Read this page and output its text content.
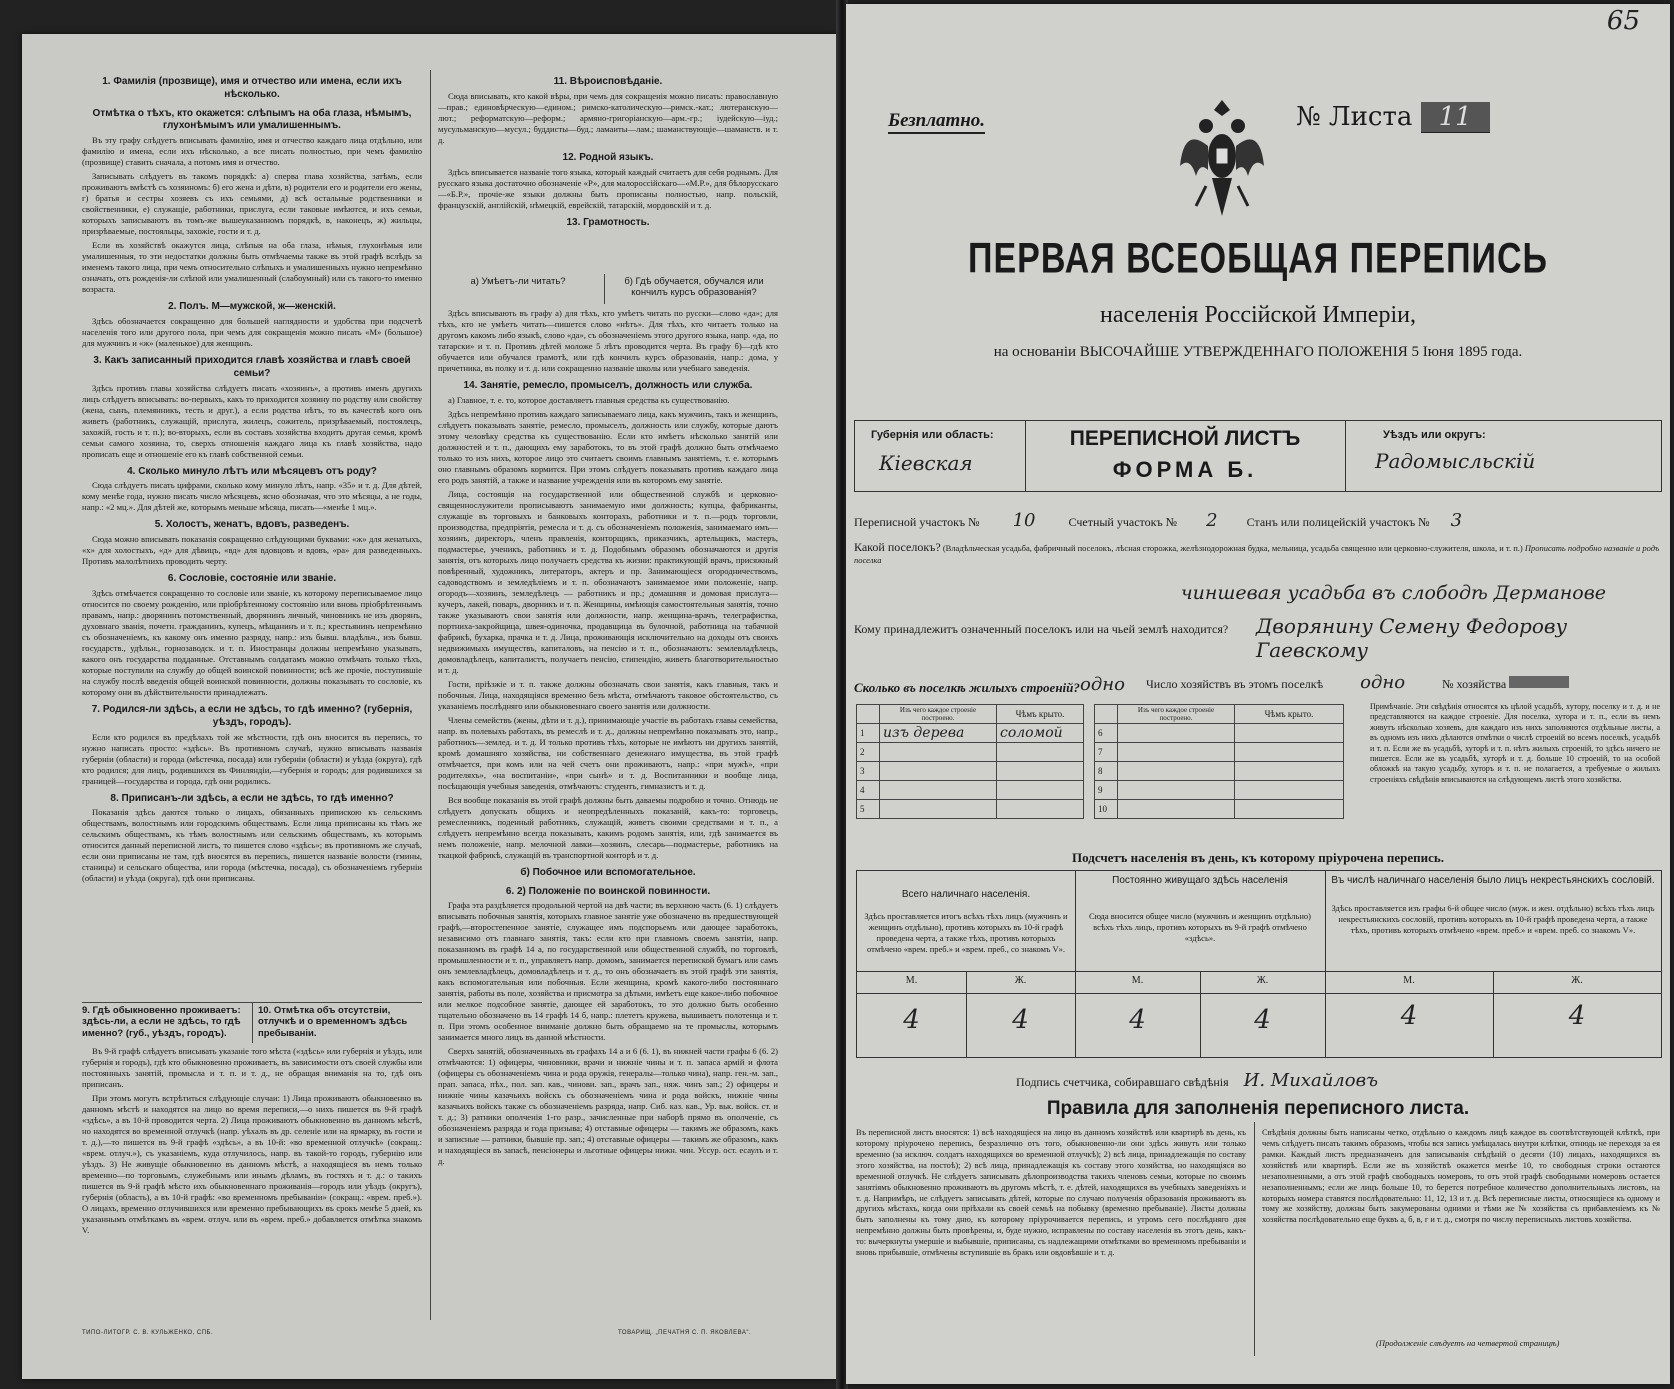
1. Фамилія (прозвище), имя и отчество или имена, если ихъ нѣсколько.
Отмѣтка о тѣхъ, кто окажется: слѣпымъ на оба глаза, нѣмымъ, глухонѣмымъ или умалишеннымъ.

Въ эту графу слѣдуетъ вписывать фамилію, имя и отчество каждаго лица отдѣльно, или фамилію и имена, если ихъ нѣсколько, а все писать полностью, при чемъ фамилію (прозвище) ставить сначала, а потомъ имя и отчество.

Записывать слѣдуетъ въ такомъ порядкѣ: а) сперва глава хозяйства, затѣмъ, если проживаютъ вмѣстѣ съ хозяиномъ: б) его жена и дѣти, в) родители его и родители его жены, г) братья и сестры хозяевъ съ ихъ семьями, д) всѣ остальные родственники и свойственники, е) служащіе, работники, прислуга, если таковые имѣются, и ихъ семьи, которыхъ записываютъ въ томъ-же вышеуказанномъ порядкѣ, в, наконецъ, ж) жильцы, призрѣваемые, постояльцы, захожіе, гости и т. д.

Если въ хозяйствѣ окажутся лица, слѣпыя на оба глаза, нѣмыя, глухонѣмыя или умалишенныя, то эти недостатки должны быть отмѣчаемы также въ этой графѣ вслѣдъ за именемъ такого лица, при чемъ относительно слѣпыхъ и умалишенныхъ нужно непремѣнно означать, отъ рожденія-ли слѣпой или умалишенный (слабоумный) или съ такого-то именно возраста.

2. Полъ. М—мужской, ж—женскій.

Здѣсь обозначается сокращенно для большей наглядности и удобства при подсчетѣ населенія того или другого пола, при чемъ для сокращенія можно писать «М» (большое) для мужчинъ и «ж» (маленькое) для женщинъ.

3. Какъ записанный приходится главѣ хозяйства и главѣ своей семьи?

Здѣсь противъ главы хозяйства слѣдуетъ писать «хозяинъ», а противъ именъ другихъ лицъ слѣдуетъ вписывать: во-первыхъ, какъ то приходится хозяину по родству или свойству (жена, сынъ, племянникъ, тесть и друг.), а если родства нѣтъ, то въ качествѣ кого онъ живетъ (работникъ, служащій, прислуга, жилецъ, сожитель, призрѣваемый, постоялецъ, захожій, гость и т. п.); во-вторыхъ, если въ составъ хозяйства входитъ другая семья, кромѣ семьи самого хозяина, то, сверхъ отношенія каждаго лица къ главѣ хозяйства, надо прописать еще и отношеніе его къ главѣ собственной семьи.

4. Сколько минуло лѣтъ или мѣсяцевъ отъ роду?

Сюда слѣдуетъ писать цифрами, сколько кому минуло лѣтъ, напр. «35» и т. д. Для дѣтей, кому менѣе года, нужно писать число мѣсяцевъ, ясно обозначая, что это мѣсяцы, а не годы, напр.: «2 мц.». Для дѣтей же, которымъ меньше мѣсяца, писать—«менѣе 1 мц.».

5. Холостъ, женатъ, вдовъ, разведенъ.

Сюда можно вписывать показанія сокращенно слѣдующими буквами: «ж» для женатыхъ, «х» для холостыхъ, «д» для дѣвицъ, «вд» для вдовцовъ и вдовъ, «ра» для разведенныхъ. Противъ малолѣтнихъ проводить черту.

6. Сословіе, состояніе или званіе.

Здѣсь отмѣчается сокращенно то сословіе или званіе, къ которому переписываемое лицо относится по своему рожденію, или пріобрѣтенному состоянію или вновь пріобрѣтеннымъ правамъ, напр.: дворянинъ потомственный, дворянинъ личный, чиновникъ не изъ дворянъ, духовнаго званія, почетн. гражданинъ, купецъ, мѣщанинъ и т. п.; крестьянинъ непремѣнно съ обозначеніемъ, къ какому онъ именно разряду, напр.: изъ бывш. владѣльч., изъ бывш. государств., удѣльн., горнозаводск. и т. п. Иностранцы должны непремѣнно указывать, какого онъ государства подданные. Отставнымъ солдатамъ можно отмѣчать только тѣхъ, которые поступили на службу до общей воинской повинности; всѣ же прочіе, поступившіе на службу послѣ введенія общей воинской повинности, должны показывать то сословіе, къ которому они въ дѣйствительности принадлежатъ.

7. Родился-ли здѣсь, а если не здѣсь, то гдѣ именно? (губернія, уѣздъ, городъ).

Если кто родился въ предѣлахъ той же мѣстности, гдѣ онъ вносится въ перепись, то нужно написать просто: «здѣсь». Въ противномъ случаѣ, нужно вписывать названія губерніи (области) и города (мѣстечка, посада) или губерніи (области) и уѣзда (округа), гдѣ кто родился; для лицъ, родившихся въ Финляндіи,—губернія и городъ; для родившихся за границей—государства и города, гдѣ они родились.

8. Приписанъ-ли здѣсь, а если не здѣсь, то гдѣ именно?

Показанія здѣсь даются только о лицахъ, обязанныхъ припискою къ сельскимъ обществамъ, волостнымъ или городскимъ обществамъ. Если лица приписаны къ тѣмъ же сельскимъ обществамъ, къ тѣмъ волостнымъ или сельскимъ обществамъ, къ которымъ относится данный переписной листъ, то пишется слово «здѣсь»; въ противномъ же случаѣ, если они приписаны не там, гдѣ вносятся въ перепись, пишется названіе волости (гмины, станицы) и сельскаго общества, или города (мѣстечка, посада), съ обозначеніемъ губерніи (области) и уѣзда (округа), гдѣ они приписаны.

9. Гдѣ обыкновенно проживаетъ: здѣсь-ли, а если не здѣсь, то гдѣ именно? (губ., уѣздъ, городъ).
10. Отмѣтка объ отсутствіи, отлучкѣ и о временномъ здѣсь пребываніи.

Въ 9-й графѣ слѣдуетъ вписывать указаніе того мѣста («здѣсь» или губернія и уѣздъ, или губернія и городъ), гдѣ кто обыкновенно проживаетъ, въ зависимости отъ своей службы или постоянныхъ занятій, промысла и т. п. и т. д., не обращая вниманія на то, гдѣ онъ приписанъ.

При этомъ могутъ встрѣтиться слѣдующіе случаи: 1) Лица проживаютъ обыкновенно въ данномъ мѣстѣ и находятся на лицо во время переписи,—о нихъ пишется въ 9-й графѣ «здѣсь», а въ 10-й проводится черта. 2) Лица проживаютъ обыкновенно въ данномъ мѣстѣ, но находятся во временной отлучкѣ (напр. уѣхалъ въ др. селеніе или на ярмарку, въ гости и т. д.),—то пишется въ 9-й графѣ «здѣсь», а въ 10-й: «во временной отлучкѣ» (сокращ.: «врем. отлуч.»), съ указаніемъ, куда отлучилось, напр. въ такой-то городъ, губернію или уѣздъ. 3) Не живущіе обыкновенно въ данномъ мѣстѣ, а находящіеся въ немъ только временно—по торговымъ, служебнымъ или инымъ дѣламъ, въ гостяхъ и т. д.: о такихъ пишется въ 9-й графѣ мѣсто ихъ обыкновеннаго проживанія—городъ или уѣздъ (округъ), губернія (область), а въ 10-й графѣ: «во временномъ пребываніи» (сокращ.: «врем. преб.»). О лицахъ, временно отлучившихся или временно пребывающихъ въ срокъ менѣе 5 дней, къ указаннымъ отмѣткамъ въ «врем. отлуч. или въ «врем. преб.» добавляется отмѣтка знакомъ V.

11. Вѣроисповѣданіе.

Сюда вписывать, кто какой вѣры, при чемъ для сокращенія можно писать: православную—прав.; единовѣрческую—едином.; римско-католическую—римск.-кат.; лютеранскую—лют.; реформатскую—реформ.; армяно-григоріанскую—арм.-гр.; іудейскую—іуд.; мусульманскую—мусул.; буддисты—буд.; ламаиты—лам.; шаманствующіе—шаманств. и т. д.

12. Родной языкъ.

Здѣсь вписывается названіе того языка, который каждый считаетъ для себя роднымъ. Для русскаго языка достаточно обозначеніе «Р», для малороссійскаго—«М.Р.», для бѣлорусскаго —«Б.Р.», прочіе-же языки должны быть прописаны полностью, напр. польскій, французскій, англійскій, нѣмецкій, еврейскій, татарскій, мордовскій и т. д.

13. Грамотность.
а) Умѣетъ-ли читать?	б) Гдѣ обучается, обучался или кончилъ курсъ образованія?

Здѣсь вписывають въ графу а) для тѣхъ, кто умѣетъ читать по русски—слово «да»; для тѣхъ, кто не умѣетъ читать—пишется слово «нѣтъ». Для тѣхъ, кто читаетъ только на другомъ какомъ либо языкѣ, слово «да», съ обозначеніемъ этого другого языка, напр. «да, по татарски» и т. п. Противъ дѣтей моложе 5 лѣтъ проводится черта. Въ графу б)—гдѣ кто обучается или обучался грамотѣ, или гдѣ кончилъ курсъ образованія, напр.: дома, у причетника, въ полку и т. д. или сокращенно названіе школы или учебнаго заведенія.

14. Занятіе, ремесло, промыселъ, должность или служба.

а) Главное, т. е. то, которое доставляетъ главныя средства къ существованію.

Здѣсь непремѣнно противъ каждаго записываемаго лица, какъ мужчинъ, такъ и женщинъ, слѣдуетъ показывать занятіе, ремесло, промыселъ, должность или службу, которые даютъ этому человѣку средства къ существованію. Если кто имѣетъ нѣсколько занятій или должностей и т. п., дающихъ ему заработокъ, то въ этой графѣ должно быть отмѣчаемо только то изъ нихъ, которое лицо это считаетъ своимъ главнымъ занятіемъ, т. е. которымъ оно главнымъ образомъ кормится. При этомъ слѣдуетъ показывать противъ каждаго лица его родъ занятій, а также и название учрежденія или въ которомъ ему занятіе.

Лица, состоящія на государственной или общественной службѣ и церковно-священнослужители прописываютъ занимаемую ими должность; купцы, фабриканты, служащіе въ торговыхъ и банковыхъ конторахъ, работники и т. п.—родъ торговли, производства, предпріятія, ремесла и т. д. съ обозначеніемъ положенія, занимаемаго имъ—хозяинъ, директоръ, членъ правленія, конторщикъ, приказчикъ, артельщикъ, мастеръ, подмастерье, ученикъ, работникъ и т. д. Подобнымъ образомъ обозначаются и другія занятія, отъ которыхъ лицо получаетъ средства къ жизни: практикующій врачъ, присяжный повѣренный, художникъ, литераторъ, актеръ и пр. Занимающіеся огородничествомъ, садоводствомъ и земледѣліемъ и т. п. обозначаютъ занимаемое ими положеніе, напр. огородъ—хозяинъ, земледѣлецъ — работникъ и пр.; домашняя и домовая прислуга—кучеръ, лакей, поваръ, дворникъ и т. п. Женщины, имѣющія самостоятельныя занятія, точно также указываютъ свои занятія или должности, напр. женщина-врачъ, телеграфистка, портниха-закройщица, швея-одиночка, продавщица въ булочной, работница на табачной фабрикѣ, бухарка, прачка и т. д. Лица, проживающія исключительно на доходы отъ своихъ недвижимыхъ имуществъ, капиталовъ, на пенсію и т. п., обозначаютъ: землевладѣлецъ, домовладѣлецъ, капиталистъ, получаетъ пенсію, стипендію, живетъ благотворительностью и т. д.

Гости, пріѣзжіе и т. п. также должны обозначать свои занятія, какъ главныя, такъ и побочныя. Лица, находящіяся временно безъ мѣста, отмѣчаютъ таковое обстоятельство, съ указаніемъ послѣдняго или обыкновеннаго своего занятія или должности.

Члены семействъ (жены, дѣти и т. д.), принимающіе участіе въ работахъ главы семейства, напр. въ полевыхъ работахъ, въ ремеслѣ и т. д., должны непремѣнно показывать это, напр., работникъ—землед. и т. д. И только противъ тѣхъ, которые не имѣютъ ни другихъ занятій, кромѣ домашняго хозяйства, ни собственнаго денежнаго имущества, въ этой графѣ отмѣчается, при комъ или на чей счетъ они проживаютъ, напр.: «при мужѣ», «при родителяхъ», «на воспитаніи», «при сынѣ» и т. д. Воспитанники и вообще лица, посѣщающія учебныя заведенія, отмѣчаютъ: студентъ, гимназистъ и т. д.

Вся вообще показанія въ этой графѣ должны быть даваемы подробно и точно. Отнюдь не слѣдуетъ допускать общихъ и неопредѣленныхъ показаній, какъ-то: торговецъ, ремесленникъ, поденный работникъ, служащій, живетъ своими средствами и т. п., а слѣдуетъ непремѣнно всегда показывать, какимъ родомъ занятія, или, гдѣ занимается въ немъ положеніе, напр. мелочной лавки—хозяинъ, слесарь—подмастерье, работникъ на ткацкой фабрикѣ, служащій въ транспортной конторѣ и т. д.

б) Побочное или вспомогательное.
6. 2) Положеніе по воинской повинности.

Графа эта раздѣляется продольной чертой на двѣ части; въ верхнюю часть (6. 1) слѣдуетъ вписывать побочныя занятія, которыхъ главное занятіе уже обозначено въ предшествующей графѣ,—второстепенное занятіе, служащее имъ подспорьемъ или дающее заработокъ, независимо отъ главнаго занятія, такъ: если кто при главномъ своемъ занятіи, напр. показанномъ въ графѣ 14 а, по государственной или общественной службѣ, по торговлѣ, промышленности и т. п., управляетъ напр. домомъ, занимается перепиской бумагъ или самъ онъ землевладѣлецъ, домовладѣлецъ и т. д., то онъ обозначаетъ въ этой графѣ эти занятія, какъ вспомогательныя или побочныя. Если женщина, кромѣ какого-либо постояннаго занятія, работы въ поле, хозяйства и присмотра за дѣтьми, имѣетъ еще какое-либо побочное или мелкое подсобное занятіе, дающее ей заработокъ, то это должно быть особенно тщательно обозначено въ 14 графѣ 14 б, напр.: плететъ кружева, вышиваетъ полотенца и т. п. При этомъ особенное вниманіе должно быть обращаемо на те промыслы, которымъ занимается много лицъ въ данной мѣстности.

Сверхъ занятій, обозначенныхъ въ графахъ 14 а и 6 (6. 1), въ нижней части графы 6 (6. 2) отмѣчаются: 1) офицеры, чиновники, врачи и нижніе чины и т. п. запаса армій и флота (офицеры съ обозначеніемъ чина и рода оружія, генералы—только чина), напр. ген.-м. зап., прап. запаса, пѣх., пол. зап. кав., чинови. зап., врачъ зап., няж. чинъ зап.; 2) офицеры и нижніе чины казачьихъ войскъ съ обозначеніемъ чина и рода войскъ, нижніе чины казачьихъ войскъ также съ обозначеніемъ разряда, напр. Сиб. каз. кав., Ур. вьк. войск. ст. и т. д.; 3) ратники ополченія 1-го разр., зачисленные при наборѣ прямо въ ополченіе, съ обозначеніемъ разряда и года призыва; 4) отставные офицеры — такимъ же образомъ, какъ и записные — ратники, бывшіе пр. зап.; 4) отставные офицеры — такимъ же образомъ, какъ и находящіеся въ запасѣ, пенсіонеры и льготные офицеры нижн. чин. Уссур. ост. есаулъ и т. д.

ТИПО-ЛИТОГР. С. В. КУЛЬЖЕНКО, СПБ.	ТОВАРИЩ. „ПЕЧАТНЯ С. П. ЯКОВЛЕВА".
65
Безплатно.	№ Листа 11
ПЕРВАЯ ВСЕОБЩАЯ ПЕРЕПИСЬ
населенія Россійской Имперіи,
на основаніи ВЫСОЧАЙШЕ УТВЕРЖДЕННАГО ПОЛОЖЕНІЯ 5 Іюня 1895 года.
Губернія или область:
Кіевская
ПЕРЕПИСНОЙ ЛИСТЪ
ФОРМА Б.
Уѣздъ или округъ:
Радомысльскій
Переписной участокъ № 10	Счетный участокъ № 2 Станъ или полицейскій участокъ № 3
Какой поселокъ? (Владѣльческая усадьба, фабричный поселокъ, лѣсная сторожка, желѣзнодорожная будка, мельница, усадьба священно или церковно-служителя, школа, и т. п.) Прописать подробно названіе и родъ поселка
чиншевая усадьба въ слободѣ Дерманове
Кому принадлежитъ означенный поселокъ или на чьей землѣ находится?	Дворянину Семену Федорову Гаевскому
Число хозяйствъ въ этомъ поселкѣ одно	№ хозяйства
Сколько въ поселкѣ жилыхъ строеній? одно
	Изъ чего каждое строеніе построено.	Чѣмъ крыто.
1	изъ дерева	соломой
2		
3		
4		
5		
	Изъ чего каждое строеніе построено.	Чѣмъ крыто.
6		
7		
8		
9		
10		
Примѣчаніе. Эти свѣдѣнія относятся къ цѣлой усадьбѣ, хутору, поселку и т. д. и не представляются на каждое строеніе. Для поселка, хутора и т. п., если въ немъ живутъ нѣсколько хозяевъ, для каждаго изъ нихъ заполняются отдѣльные листы, а въ одномъ изъ нихъ дѣлаются отмѣтки о числѣ строеній во всемъ поселкѣ, усадьбѣ и т. п. Если же въ усадьбѣ, хуторѣ и т. п. нѣтъ жилыхъ строеній, то здѣсь ничего не пишется. Если же въ усадьбѣ, хуторѣ и т. д. больше 10 строеній, то на особой обложкѣ на такую усадьбу, хуторъ и т. п. не полагается, а требуемые о жилыхъ строеніяхъ свѣдѣнія вписываются на слѣдующемъ листѣ этого хозяйства.
Подсчетъ населенія въ день, къ которому пріурочена перепись.
Всего наличнаго населенія.
Здѣсь проставляется итогъ всѣхъ тѣхъ лицъ (мужчинъ и женщинъ отдѣльно), противъ которыхъ въ 10-й графѣ проведена черта, а также тѣхъ, противъ которыхъ отмѣчено «врем. преб.» и «врем. преб., со знакомъ V».
Постоянно живущаго здѣсь населенія
Сюда вносится общее число (мужчинъ и женщинъ отдѣльно) всѣхъ тѣхъ лицъ, противъ которыхъ въ 9-й графѣ отмѣчено «здѣсь».
Въ числѣ наличнаго населенія было лицъ некрестьянскихъ сословій.
Здѣсь проставляется изъ графы 6-й общее число (муж. и жен. отдѣльно) всѣхъ тѣхъ лицъ некрестьянскихъ сословій, противъ которыхъ въ 10-й графѣ проведена черта, а также тѣхъ, противъ которыхъ отмѣчено «врем. преб.» и «врем. преб. со знакомъ V».
М.	Ж.	М.	Ж.	М.	Ж.
4	4	4	4	4	4
Подпись счетчика, собиравшаго свѣдѣнія И. Михайловъ
Правила для заполненія переписного листа.
Въ переписной листъ вносятся: 1) всѣ находящіеся на лицо въ данномъ хозяйствѣ или квартирѣ въ день, къ которому пріурочено перепись, безразлично отъ того, обыкновенно-ли они здѣсь живутъ или только временно (за исключ. солдатъ находящихся во временной отлучкѣ); 2) всѣ лица, принадлежащія по составу этого хозяйства, на постоѣ); 2) всѣ лица, принадлежащія къ составу этого хозяйства, но находящіяся во временной отлучкѣ. Не слѣдуетъ записывать дѣлопроизводства такихъ членовъ семьи, которые по своимъ занятіямъ обыкновенно проживаютъ въ другомъ мѣстѣ, т. е. дѣтей, находящихся въ учебныхъ заведеніяхъ и т. д. Напримѣръ, не слѣдуетъ записывать дѣтей, которые по случаю полученія образованія проживаютъ въ другихъ мѣстахъ, когда они пріѣхали къ своей семьѣ на побывку (временно пребываніе). Листы должны быть заполнены къ тому дню, къ которому пріурочивается перепись, и утромъ сего послѣдняго дня непремѣнно должны быть провѣрены, и, буде нужно, исправлены по составу населенія въ этотъ день, какъ-то: вычеркнуты умершіе и выбывшіе, приписаны, съ надлежащими отмѣтками во временномъ пребываніи и вновь прибывшіе, отмѣчены вступившіе въ бракъ или овдовѣвшіе и т. д.
Свѣдѣнія должны быть написаны четко, отдѣльно о каждомъ лицѣ каждое въ соотвѣтствующей клѣткѣ, при чемъ слѣдуетъ писать такимъ образомъ, чтобы вся запись умѣщалась внутри клѣтки, отнюдь не переходя за ея рамки. Каждый листъ предназначенъ для записыванія свѣдѣній о десяти (10) лицахъ, находящихся въ хозяйствѣ или квартирѣ. Если же въ хозяйствѣ окажется менѣе 10, то свободныя строки остаются незаполненными, а отъ этой графѣ свободныхъ номеровъ, то отъ этой графѣ свободными номеровъ остается незаполненнымъ; если же лицъ больше 10, то берется потребное количество дополнительныхъ листовъ, на которыхъ номера ставятся послѣдовательно: 11, 12, 13 и т. д. Всѣ переписные листы, относящіеся къ одному и тому же хозяйству, должны быть закумерованы одними и тѣми же № хозяйства съ прибавленіемъ къ № хозяйства послѣдовательно еще буквъ а, б, в, г и т. д., смотря по числу переписныхъ листовъ хозяйства.
(Продолженіе слѣдуетъ на четвертой страницѣ)
